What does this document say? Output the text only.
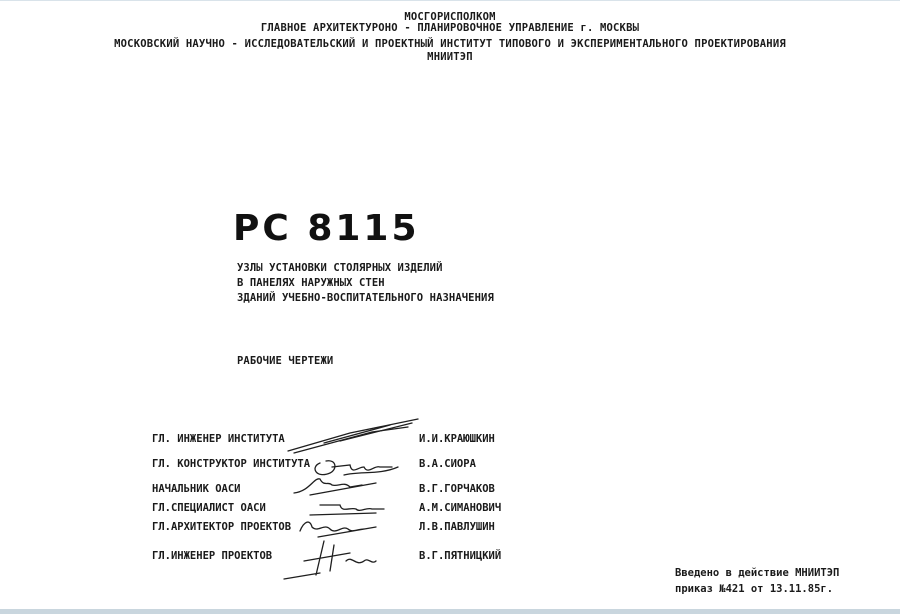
МОСГОРИСПОЛКОМ
ГЛАВНОЕ АРХИТЕКТУРОНО - ПЛАНИРОВОЧНОЕ УПРАВЛЕНИЕ г. МОСКВЫ
МОСКОВСКИЙ НАУЧНО - ИССЛЕДОВАТЕЛЬСКИЙ И ПРОЕКТНЫЙ ИНСТИТУТ ТИПОВОГО И ЭКСПЕРИМЕНТАЛЬНОГО ПРОЕКТИРОВАНИЯ
МНИИТЭП
РС 8115
УЗЛЫ УСТАНОВКИ СТОЛЯРНЫХ ИЗДЕЛИЙ
В ПАНЕЛЯХ НАРУЖНЫХ СТЕН
ЗДАНИЙ УЧЕБНО-ВОСПИТАТЕЛЬНОГО НАЗНАЧЕНИЯ
РАБОЧИЕ ЧЕРТЕЖИ
ГЛ. ИНЖЕНЕР ИНСТИТУТА	И.И.КРАЮШКИН
ГЛ. КОНСТРУКТОР ИНСТИТУТА	В.А.СИОРА
НАЧАЛЬНИК ОАСИ	В.Г.ГОРЧАКОВ
ГЛ.СПЕЦИАЛИСТ ОАСИ	А.М.СИМАНОВИЧ
ГЛ.АРХИТЕКТОР ПРОЕКТОВ	Л.В.ПАВЛУШИН
ГЛ.ИНЖЕНЕР ПРОЕКТОВ	В.Г.ПЯТНИЦКИЙ
Введено в действие МНИИТЭП
приказ №421 от 13.11.85г.
